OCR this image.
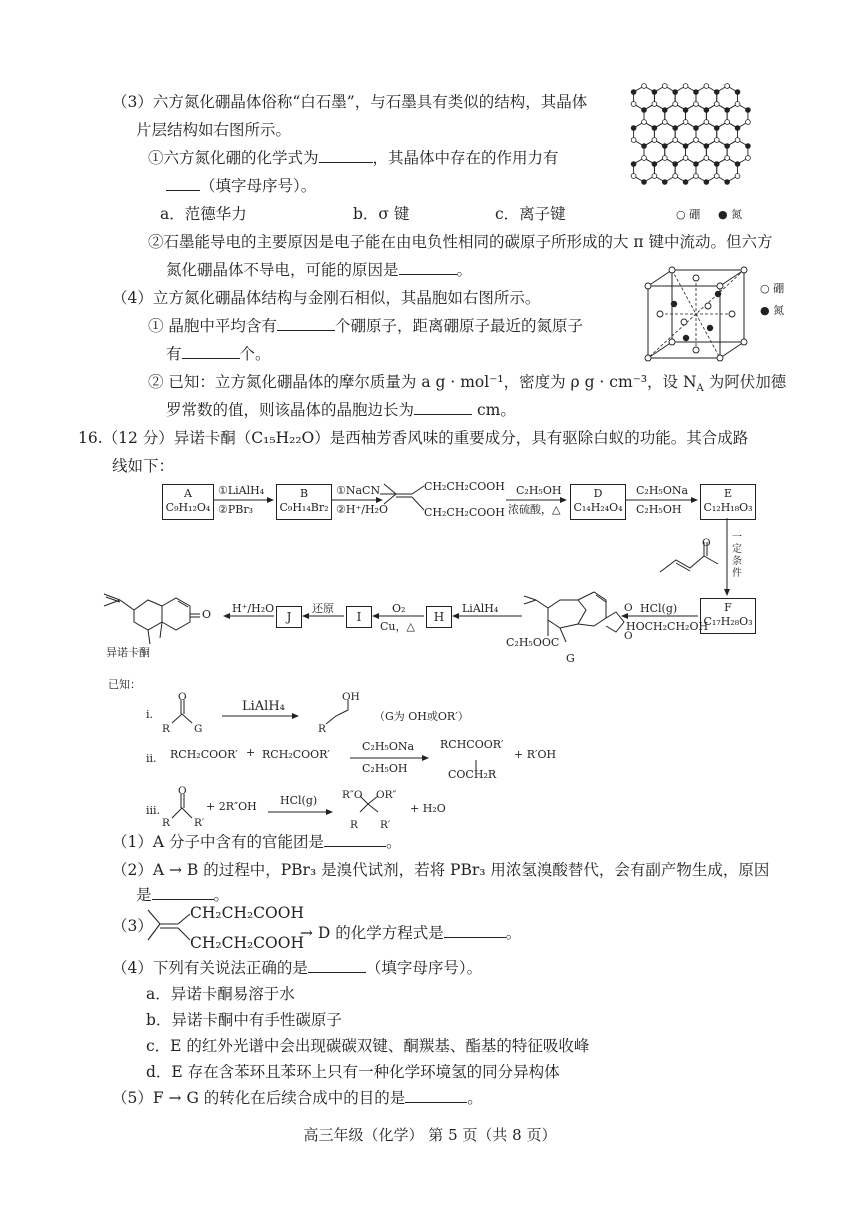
（3）六方氮化硼晶体俗称“白石墨”，与石墨具有类似的结构，其晶体
片层结构如右图所示。
①六方氮化硼的化学式为	，其晶体中存在的作用力有
（填字母序号）。
a．范德华力	b．σ 键	c．离子键
②石墨能导电的主要原因是电子能在由电负性相同的碳原子所形成的大 π 键中流动。但六方
氮化硼晶体不导电，可能的原因是	。
○ 硼 ● 氮
（4）立方氮化硼晶体结构与金刚石相似，其晶胞如右图所示。
① 晶胞中平均含有	个硼原子，距离硼原子最近的氮原子
有	个。
② 已知：立方氮化硼晶体的摩尔质量为 a g · mol⁻¹，密度为 ρ g · cm⁻³，设 $N_A$ 为阿伏加德
罗常数的值，则该晶体的晶胞边长为	cm。
○ 硼
● 氮
16.（12 分）异诺卡酮（C₁₅H₂₂O）是西柚芳香风味的重要成分，具有驱除白蚁的功能。其合成路
线如下：
A
C₉H₁₂O₄
B
C₉H₁₄Br₂
D
C₁₄H₂₄O₄
E
C₁₂H₁₈O₃
F
C₁₇H₂₈O₃
H
I
J
①LiAlH₄
②PBr₃
①NaCN
②H⁺/H₂O
CH₂CH₂COOH
CH₂CH₂COOH
C₂H₅OH
浓硫酸，△
C₂H₅ONa
C₂H₅OH
O 一定条件
HCl(g)
HOCH₂CH₂OH
LiAlH₄
O₂
Cu，△
还原
H⁺/H₂O	O
O
C₂H₅OOC
G
O
异诺卡酮
已知：
i.
O
R G
LiAlH₄
OH
R
（G为 OH或OR′）
ii. RCH₂COOR′ + RCH₂COOR′
C₂H₅ONa
C₂H₅OH
RCHCOOR′
COCH₂R
+ R′OH
iii.
O
R R′
+ 2R″OH HCl(g) R″O OR″
R R′
+ H₂O
（1）A 分子中含有的官能团是	。
（2）A → B 的过程中，PBr₃ 是溴代试剂，若将 PBr₃ 用浓氢溴酸替代，会有副产物生成，原因
是	。
（3）
CH₂CH₂COOH
CH₂CH₂COOH
→ D 的化学方程式是	。
（4）下列有关说法正确的是	（填字母序号）。
a．异诺卡酮易溶于水
b．异诺卡酮中有手性碳原子
c．E 的红外光谱中会出现碳碳双键、酮羰基、酯基的特征吸收峰
d．E 存在含苯环且苯环上只有一种化学环境氢的同分异构体
（5）F → G 的转化在后续合成中的目的是	。
高三年级（化学） 第 5 页（共 8 页）
